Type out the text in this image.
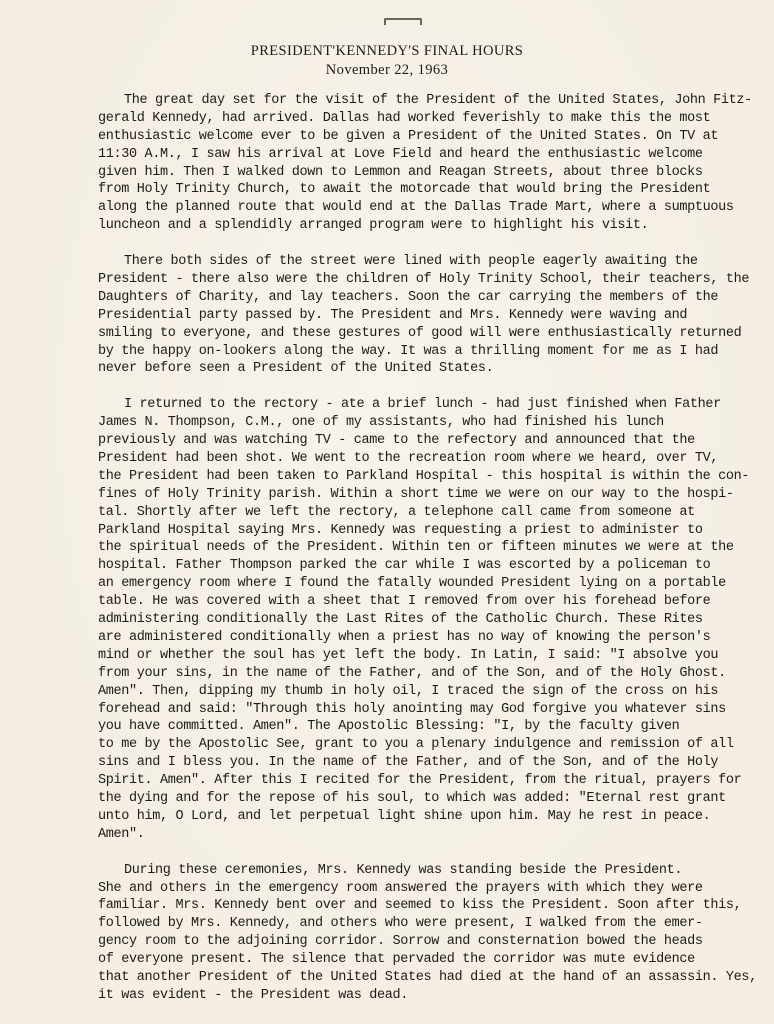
PRESIDENT'KENNEDY'S FINAL HOURS
November 22, 1963
The great day set for the visit of the President of the United States, John Fitz-
gerald Kennedy, had arrived. Dallas had worked feverishly to make this the most
enthusiastic welcome ever to be given a President of the United States. On TV at
11:30 A.M., I saw his arrival at Love Field and heard the enthusiastic welcome
given him. Then I walked down to Lemmon and Reagan Streets, about three blocks
from Holy Trinity Church, to await the motorcade that would bring the President
along the planned route that would end at the Dallas Trade Mart, where a sumptuous
luncheon and a splendidly arranged program were to highlight his visit.
There both sides of the street were lined with people eagerly awaiting the
President - there also were the children of Holy Trinity School, their teachers, the
Daughters of Charity, and lay teachers. Soon the car carrying the members of the
Presidential party passed by. The President and Mrs. Kennedy were waving and
smiling to everyone, and these gestures of good will were enthusiastically returned
by the happy on-lookers along the way. It was a thrilling moment for me as I had
never before seen a President of the United States.
I returned to the rectory - ate a brief lunch - had just finished when Father
James N. Thompson, C.M., one of my assistants, who had finished his lunch
previously and was watching TV - came to the refectory and announced that the
President had been shot. We went to the recreation room where we heard, over TV,
the President had been taken to Parkland Hospital - this hospital is within the con-
fines of Holy Trinity parish. Within a short time we were on our way to the hospi-
tal. Shortly after we left the rectory, a telephone call came from someone at
Parkland Hospital saying Mrs. Kennedy was requesting a priest to administer to
the spiritual needs of the President. Within ten or fifteen minutes we were at the
hospital. Father Thompson parked the car while I was escorted by a policeman to
an emergency room where I found the fatally wounded President lying on a portable
table. He was covered with a sheet that I removed from over his forehead before
administering conditionally the Last Rites of the Catholic Church. These Rites
are administered conditionally when a priest has no way of knowing the person's
mind or whether the soul has yet left the body. In Latin, I said: "I absolve you
from your sins, in the name of the Father, and of the Son, and of the Holy Ghost.
Amen". Then, dipping my thumb in holy oil, I traced the sign of the cross on his
forehead and said: "Through this holy anointing may God forgive you whatever sins
you have committed. Amen". The Apostolic Blessing: "I, by the faculty given
to me by the Apostolic See, grant to you a plenary indulgence and remission of all
sins and I bless you. In the name of the Father, and of the Son, and of the Holy
Spirit. Amen". After this I recited for the President, from the ritual, prayers for
the dying and for the repose of his soul, to which was added: "Eternal rest grant
unto him, O Lord, and let perpetual light shine upon him. May he rest in peace.
Amen".
During these ceremonies, Mrs. Kennedy was standing beside the President.
She and others in the emergency room answered the prayers with which they were
familiar. Mrs. Kennedy bent over and seemed to kiss the President. Soon after this,
followed by Mrs. Kennedy, and others who were present, I walked from the emer-
gency room to the adjoining corridor. Sorrow and consternation bowed the heads
of everyone present. The silence that pervaded the corridor was mute evidence
that another President of the United States had died at the hand of an assassin. Yes,
it was evident - the President was dead.
